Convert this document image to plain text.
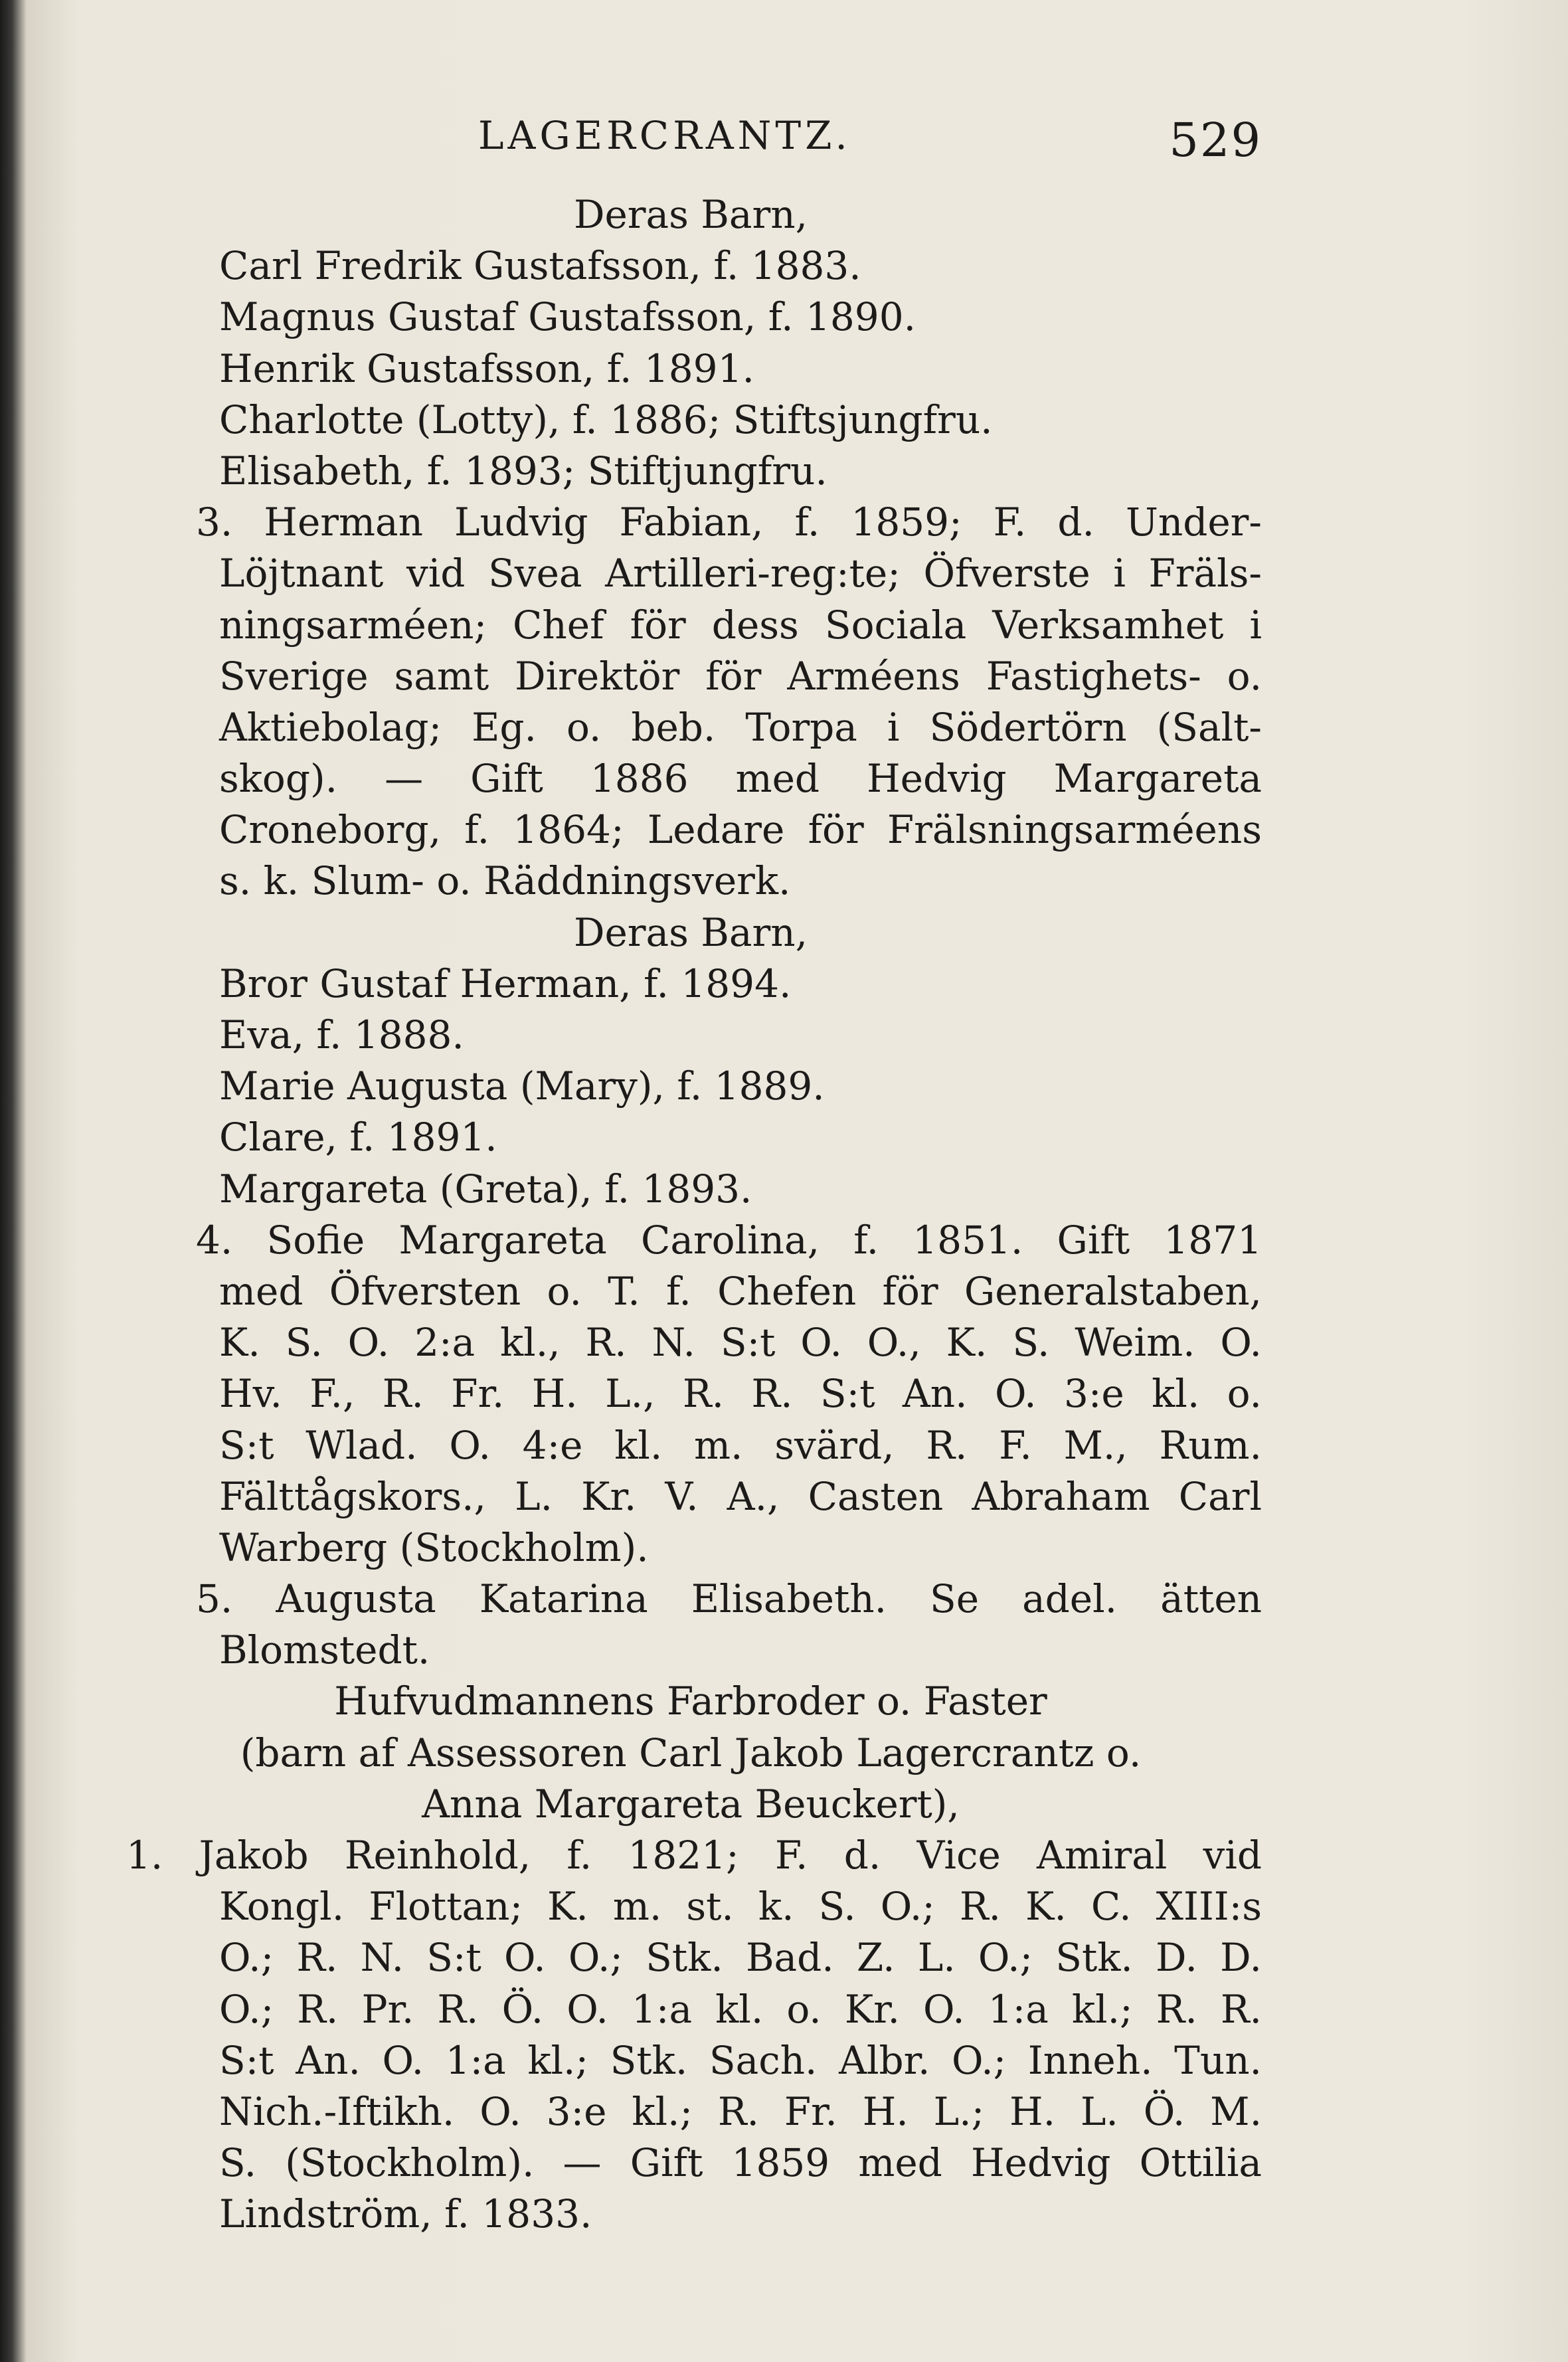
LAGERCRANTZ.	529
Deras Barn,
Carl Fredrik Gustafsson, f. 1883.
Magnus Gustaf Gustafsson, f. 1890.
Henrik Gustafsson, f. 1891.
Charlotte (Lotty), f. 1886; Stiftsjungfru.
Elisabeth, f. 1893; Stiftjungfru.
3. Herman Ludvig Fabian, f. 1859; F. d. Under-
Löjtnant vid Svea Artilleri-reg:te; Öfverste i Fräls-
ningsarméen; Chef för dess Sociala Verksamhet i
Sverige samt Direktör för Arméens Fastighets- o.
Aktiebolag; Eg. o. beb. Torpa i Södertörn (Salt-
skog). — Gift 1886 med Hedvig Margareta
Croneborg, f. 1864; Ledare för Frälsningsarméens
s. k. Slum- o. Räddningsverk.
Deras Barn,
Bror Gustaf Herman, f. 1894.
Eva, f. 1888.
Marie Augusta (Mary), f. 1889.
Clare, f. 1891.
Margareta (Greta), f. 1893.
4. Sofie Margareta Carolina, f. 1851. Gift 1871
med Öfversten o. T. f. Chefen för Generalstaben,
K. S. O. 2:a kl., R. N. S:t O. O., K. S. Weim. O.
Hv. F., R. Fr. H. L., R. R. S:t An. O. 3:e kl. o.
S:t Wlad. O. 4:e kl. m. svärd, R. F. M., Rum.
Fälttågskors., L. Kr. V. A., Casten Abraham Carl
Warberg (Stockholm).
5. Augusta Katarina Elisabeth. Se adel. ätten
Blomstedt.
Hufvudmannens Farbroder o. Faster
(barn af Assessoren Carl Jakob Lagercrantz o.
Anna Margareta Beuckert),
1. Jakob Reinhold, f. 1821; F. d. Vice Amiral vid
Kongl. Flottan; K. m. st. k. S. O.; R. K. C. XIII:s
O.; R. N. S:t O. O.; Stk. Bad. Z. L. O.; Stk. D. D.
O.; R. Pr. R. Ö. O. 1:a kl. o. Kr. O. 1:a kl.; R. R.
S:t An. O. 1:a kl.; Stk. Sach. Albr. O.; Inneh. Tun.
Nich.-Iftikh. O. 3:e kl.; R. Fr. H. L.; H. L. Ö. M.
S. (Stockholm). — Gift 1859 med Hedvig Ottilia
Lindström, f. 1833.
